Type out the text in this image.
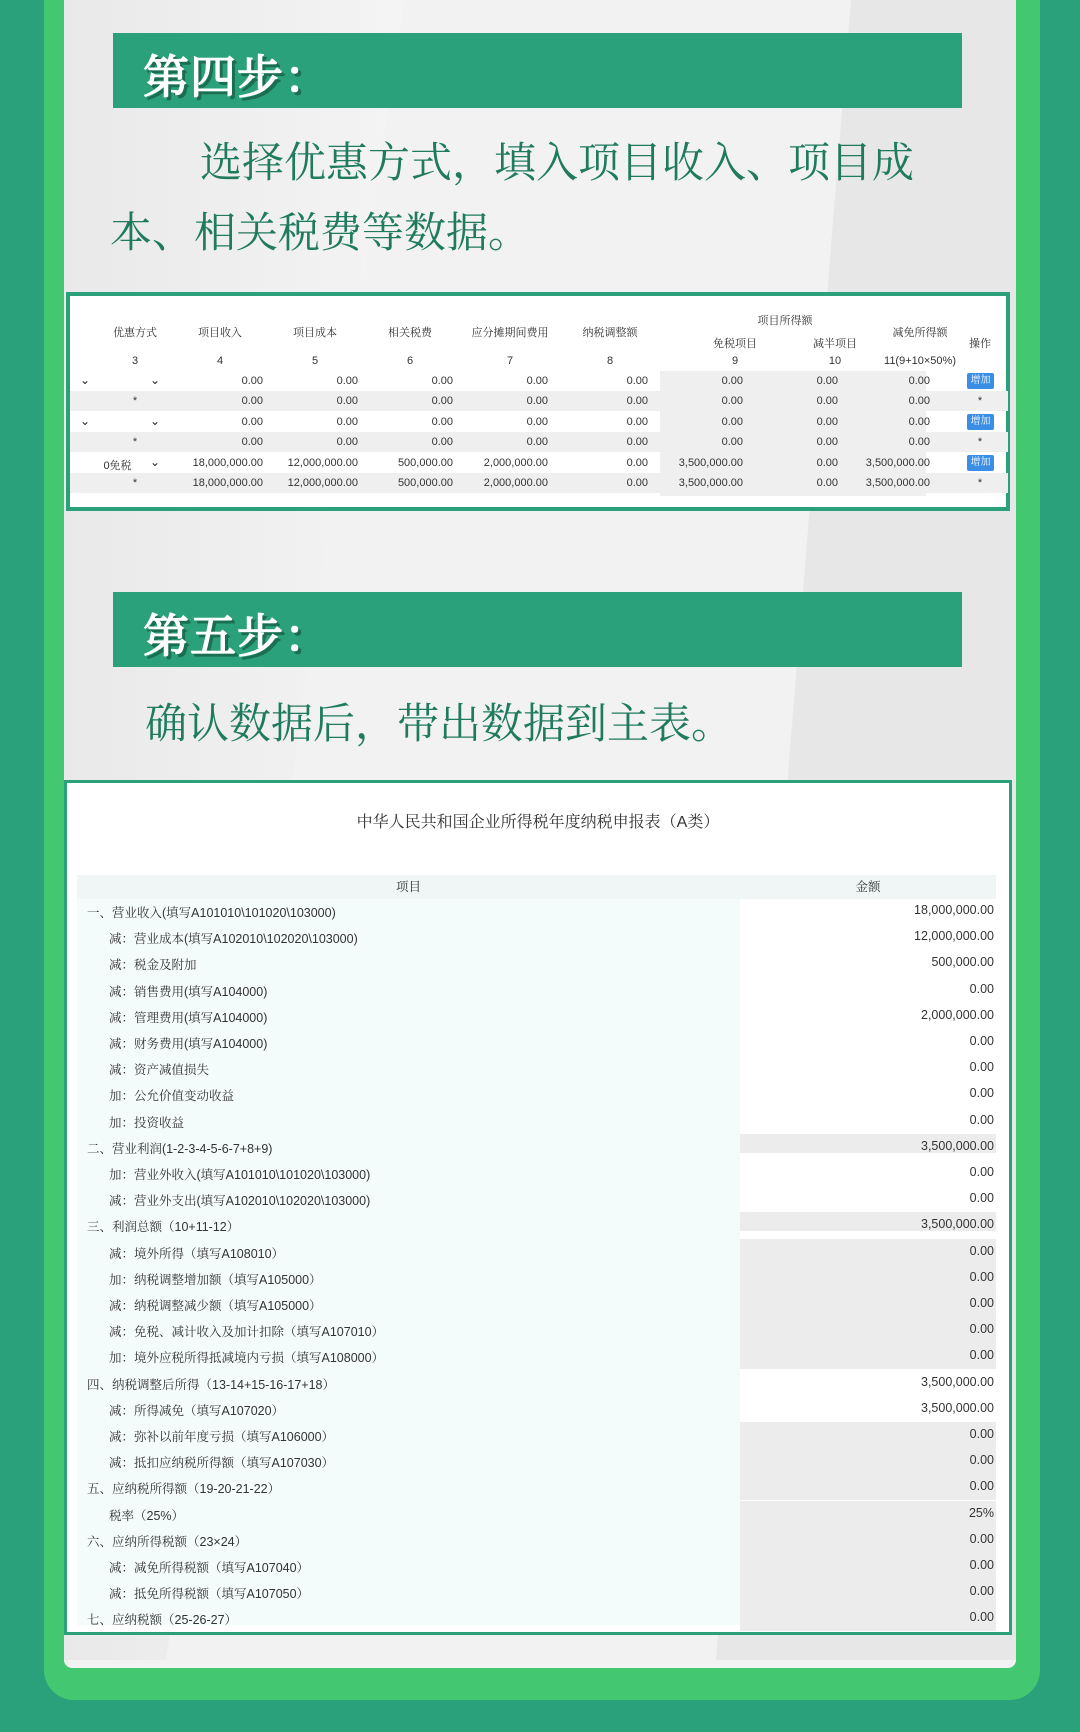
第四步：
选择优惠方式，填入项目收入、项目成
本、相关税费等数据。
优惠方式	项目收入	项目成本	相关税费	应分摊期间费用	纳税调整额
项目所得额
免税项目	减半项目
减免所得额
操作
3	4	5	6	7	8	9	10	11(9+10×50%)
⌄	⌄	0.00	0.00	0.00	0.00	0.00	0.00	0.00	0.00	增加
*	0.00	0.00	0.00	0.00	0.00	0.00	0.00	0.00	*
⌄	⌄	0.00	0.00	0.00	0.00	0.00	0.00	0.00	0.00	增加
*	0.00	0.00	0.00	0.00	0.00	0.00	0.00	0.00	*
0免税	⌄	18,000,000.00 12,000,000.00	500,000.00	2,000,000.00	0.00	3,500,000.00	0.00	3,500,000.00	增加
*	18,000,000.00 12,000,000.00	500,000.00	2,000,000.00	0.00	3,500,000.00	0.00	3,500,000.00	*
第五步：
确认数据后，带出数据到主表。
中华人民共和国企业所得税年度纳税申报表（A类）
项目	金额
一、营业收入(填写A101010\101020\103000)	18,000,000.00
减：营业成本(填写A102010\102020\103000)	12,000,000.00
减：税金及附加	500,000.00
减：销售费用(填写A104000)	0.00
减：管理费用(填写A104000)	2,000,000.00
减：财务费用(填写A104000)	0.00
减：资产减值损失	0.00
加：公允价值变动收益	0.00
加：投资收益	0.00
二、营业利润(1-2-3-4-5-6-7+8+9)	3,500,000.00
加：营业外收入(填写A101010\101020\103000)	0.00
减：营业外支出(填写A102010\102020\103000)	0.00
三、利润总额（10+11-12）	3,500,000.00
减：境外所得（填写A108010）	0.00
加：纳税调整增加额（填写A105000）	0.00
减：纳税调整减少额（填写A105000）	0.00
减：免税、减计收入及加计扣除（填写A107010）	0.00
加：境外应税所得抵减境内亏损（填写A108000）	0.00
四、纳税调整后所得（13-14+15-16-17+18）	3,500,000.00
减：所得减免（填写A107020）	3,500,000.00
减：弥补以前年度亏损（填写A106000）	0.00
减：抵扣应纳税所得额（填写A107030）	0.00
五、应纳税所得额（19-20-21-22）	0.00
税率（25%）	25%
六、应纳所得税额（23×24）	0.00
减：减免所得税额（填写A107040）	0.00
减：抵免所得税额（填写A107050）	0.00
七、应纳税额（25-26-27）	0.00
